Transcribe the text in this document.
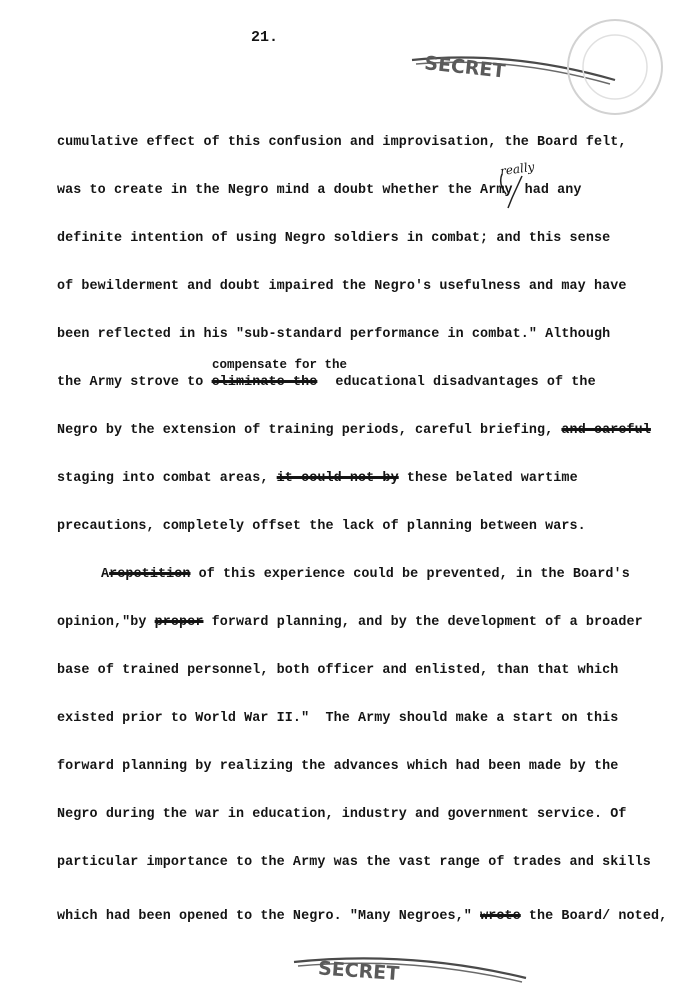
21.
SECRET
really
cumulative effect of this confusion and improvisation, the Board felt,
was to create in the Negro mind a doubt whether the Army had any
definite intention of using Negro soldiers in combat; and this sense
of bewilderment and doubt impaired the Negro's usefulness and may have
been reflected in his "sub-standard performance in combat." Although
compensate for the
the Army strove to eliminate the educational disadvantages of the
Negro by the extension of training periods, careful briefing, and careful
staging into combat areas, it could not by these belated wartime
precautions, completely offset the lack of planning between wars.
Arepetition of this experience could be prevented, in the Board's
opinion,"by proper forward planning, and by the development of a broader
base of trained personnel, both officer and enlisted, than that which
existed prior to World War II."  The Army should make a start on this
forward planning by realizing the advances which had been made by the
Negro during the war in education, industry and government service. Of
particular importance to the Army was the vast range of trades and skills
which had been opened to the Negro. "Many Negroes," wrote the Board/ noted,
SECRET
